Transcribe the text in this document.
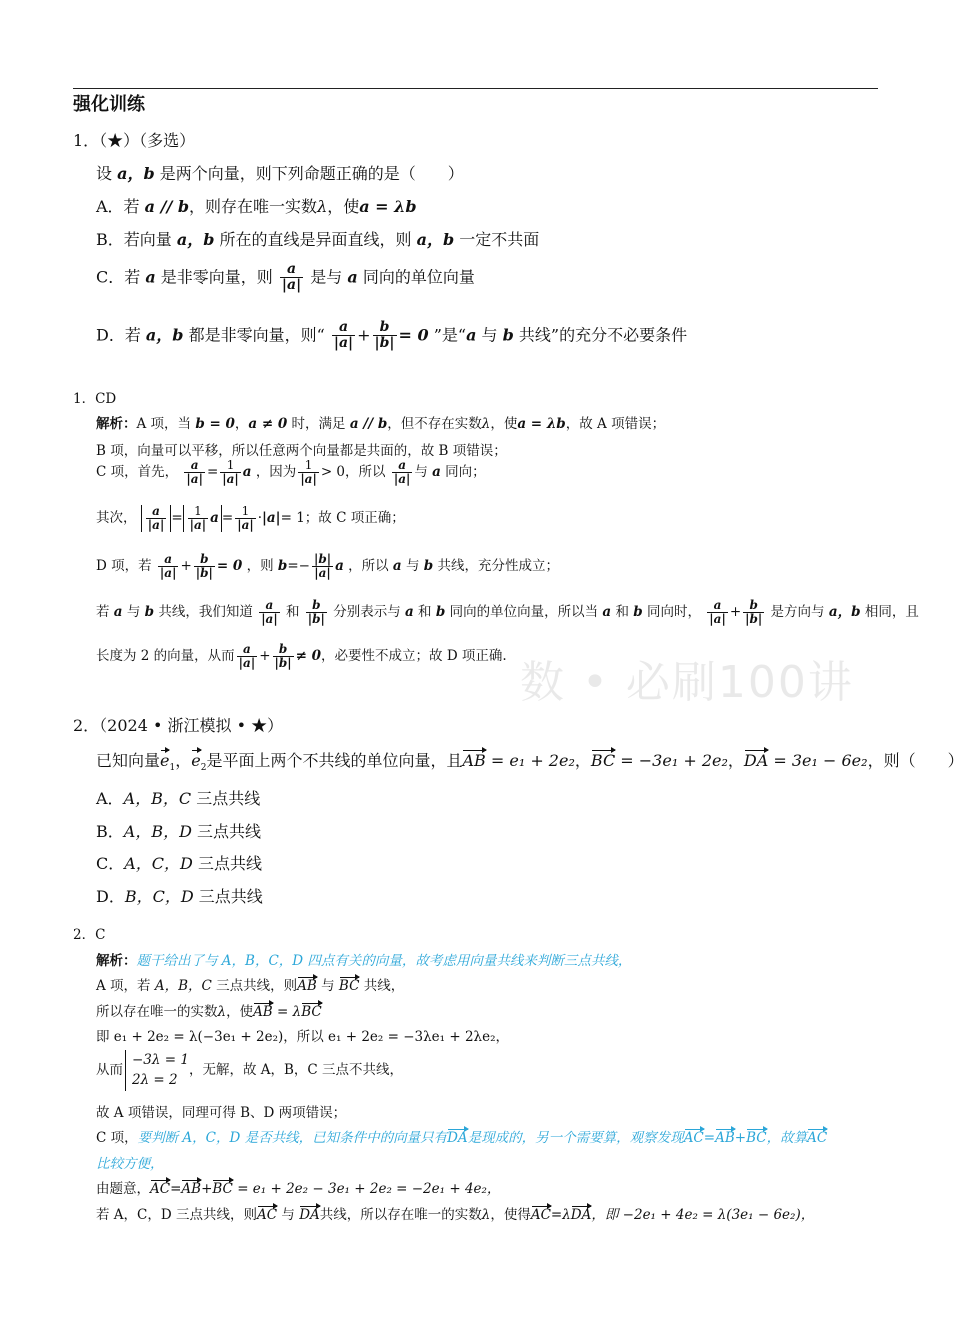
数 • 必刷100讲
强化训练
1．（★）（多选）
设 a，b 是两个向量，则下列命题正确的是（　　）
A．若 a // b，则存在唯一实数λ，使a = λb
B．若向量 a，b 所在的直线是异面直线，则 a，b 一定不共面
C．若 a 是非零向量，则 $\frac{a}{|a|}$ 是与 a 同向的单位向量
D．若 a，b 都是非零向量，则“ $\frac{a}{|a|} + \frac{b}{|b|} = 0$ ”是“a 与 b 共线”的充分不必要条件
1．CD
解析：A 项，当 b = 0，a ≠ 0 时，满足 a // b，但不存在实数λ，使a = λb，故 A 项错误；
B 项，向量可以平移，所以任意两个向量都是共面的，故 B 项错误；
C 项，首先， $\frac{a}{|a|} = \frac{1}{|a|}$ a ，因为 $\frac{1}{|a|} > 0$，所以 $\frac{a}{|a|}$ 与 a 同向；
其次， $\frac{a}{|a|} = \frac{1}{|a|}$ $a = \frac{1}{|a|} \cdot|a|= 1$；故 C 项正确；
D 项，若 $\frac{a}{|a|} + \frac{b}{|b|} = 0$ ，则 $b=- \frac{|b|}{|a|}$ a ，所以 a 与 b 共线，充分性成立；
若 a 与 b 共线，我们知道 $\frac{a}{|a|}$ 和 $\frac{b}{|b|}$ 分别表示与 a 和 b 同向的单位向量，所以当 a 和 b 同向时， $\frac{a}{|a|} + \frac{b}{|b|}$ 是方向与 a，b 相同，且
长度为 2 的向量，从而 $\frac{a}{|a|} + \frac{b}{|b|} \ne 0$，必要性不成立；故 D 项正确.
2．（2024 • 浙江模拟 • ★）
已知向量$e_1$，$e_2$是平面上两个不共线的单位向量，且AB = e₁ + 2e₂，BC = −3e₁ + 2e₂，DA = 3e₁ − 6e₂，则（　　）
A．A，B，C 三点共线
B．A，B，D 三点共线
C．A，C，D 三点共线
D．B，C，D 三点共线
2．C
解析：题干给出了与 A，B，C，D 四点有关的向量，故考虑用向量共线来判断三点共线，
A 项，若 A，B，C 三点共线，则AB 与 BC 共线，
所以存在唯一的实数λ，使AB = λBC
即 e₁ + 2e₂ = λ(−3e₁ + 2e₂)，所以 e₁ + 2e₂ = −3λe₁ + 2λe₂，
从而
−3λ = 1
2λ = 2
，无解，故 A，B，C 三点不共线，
故 A 项错误，同理可得 B、D 两项错误；
C 项，要判断 A，C，D 是否共线，已知条件中的向量只有DA是现成的，另一个需要算，观察发现AC=AB+BC，故算AC
比较方便，
由题意，AC=AB+BC = e₁ + 2e₂ − 3e₁ + 2e₂ = −2e₁ + 4e₂，
若 A，C，D 三点共线，则AC 与 DA共线，所以存在唯一的实数λ，使得AC=λDA，即 −2e₁ + 4e₂ = λ(3e₁ − 6e₂)，
